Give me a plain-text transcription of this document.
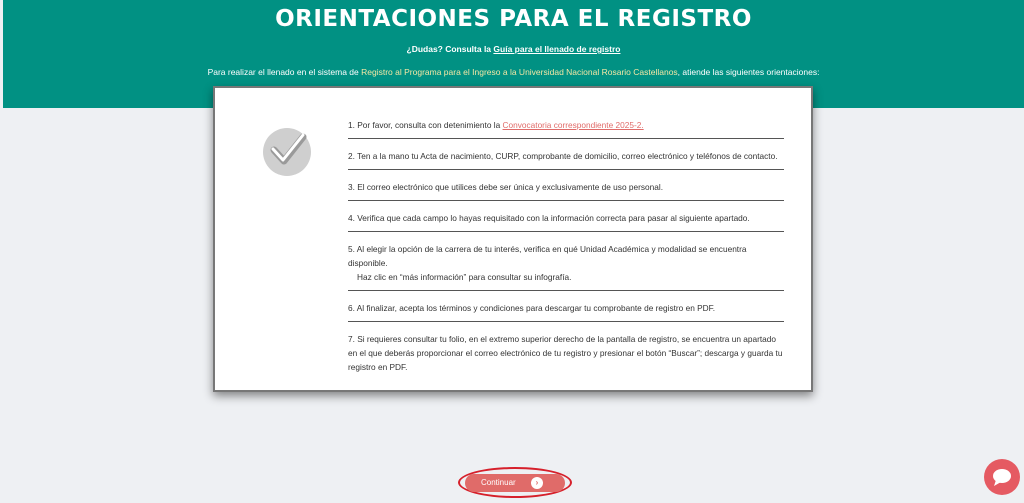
ORIENTACIONES PARA EL REGISTRO
¿Dudas? Consulta la Guía para el llenado de registro
Para realizar el llenado en el sistema de Registro al Programa para el Ingreso a la Universidad Nacional Rosario Castellanos, atiende las siguientes orientaciones:
1. Por favor, consulta con detenimiento la Convocatoria correspondiente 2025-2.
2. Ten a la mano tu Acta de nacimiento, CURP, comprobante de domicilio, correo electrónico y teléfonos de contacto.
3. El correo electrónico que utilices debe ser única y exclusivamente de uso personal.
4. Verifica que cada campo lo hayas requisitado con la información correcta para pasar al siguiente apartado.
5. Al elegir la opción de la carrera de tu interés, verifica en qué Unidad Académica y modalidad se encuentra disponible.
Haz clic en “más información” para consultar su infografía.
6. Al finalizar, acepta los términos y condiciones para descargar tu comprobante de registro en PDF.
7. Si requieres consultar tu folio, en el extremo superior derecho de la pantalla de registro, se encuentra un apartado en el que deberás proporcionar el correo electrónico de tu registro y presionar el botón “Buscar”; descarga y guarda tu registro en PDF.
Continuar	›
